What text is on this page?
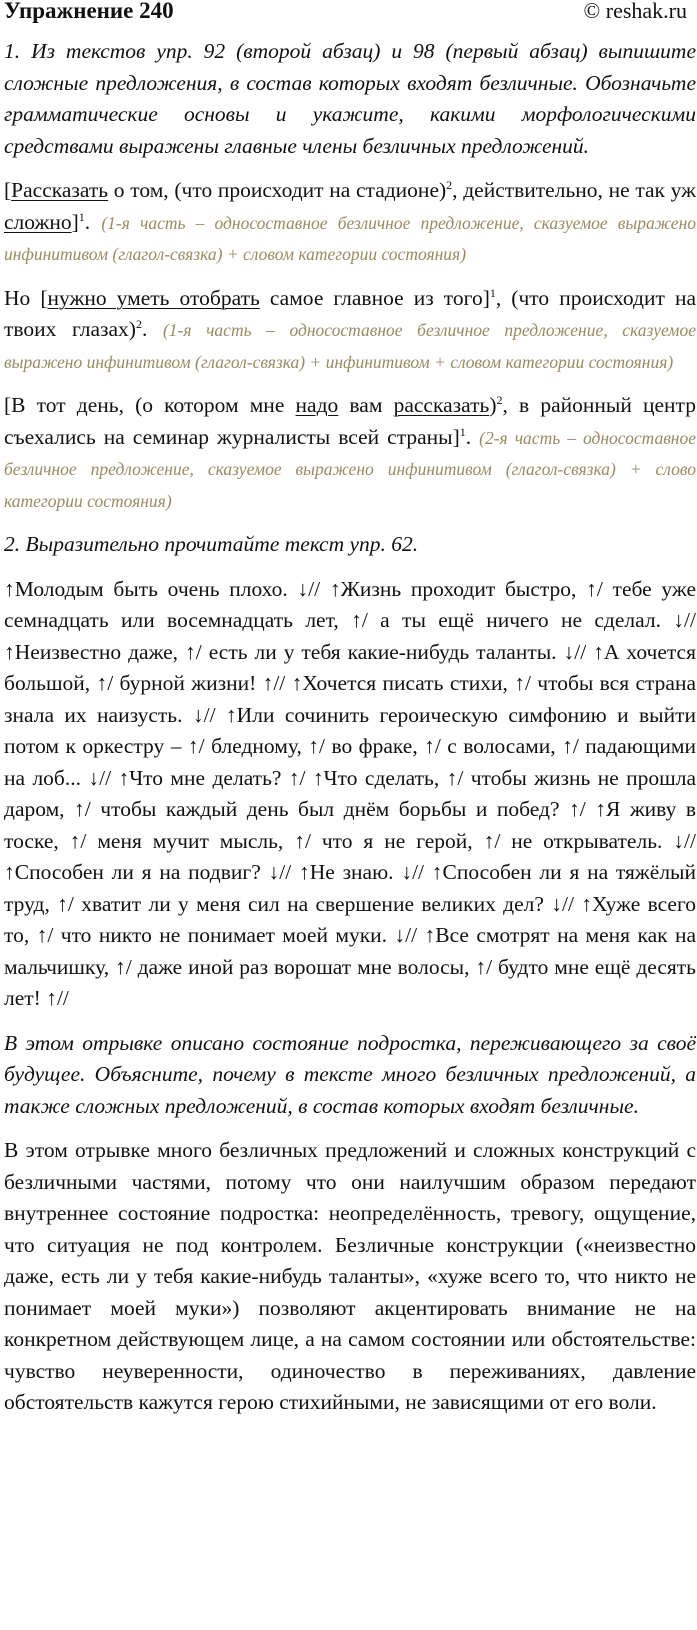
Упражнение 240	© reshak.ru

1. Из текстов упр. 92 (второй абзац) и 98 (первый абзац) выпишите сложные предложения, в состав которых входят безличные. Обозначьте грамматические основы и укажите, какими морфологическими средствами выражены главные члены безличных предложений.

[Рассказать о том, (что происходит на стадионе)$^2$, действительно, не так уж сложно]$^1$. (1-я часть – односоставное безличное предложение, сказуемое выражено инфинитивом (глагол-связка) + словом категории состояния)

Но [нужно уметь отобрать самое главное из того]$^1$, (что происходит на твоих глазах)$^2$. (1-я часть – односоставное безличное предложение, сказуемое выражено инфинитивом (глагол-связка) + инфинитивом + словом категории состояния)

[В тот день, (о котором мне надо вам рассказать)$^2$, в районный центр съехались на семинар журналисты всей страны]$^1$. (2-я часть – односоставное безличное предложение, сказуемое выражено инфинитивом (глагол-связка) + слово категории состояния)

2. Выразительно прочитайте текст упр. 62.

↑Молодым быть очень плохо. ↓// ↑Жизнь проходит быстро, ↑/ тебе уже семнадцать или восемнадцать лет, ↑/ а ты ещё ничего не сделал. ↓// ↑Неизвестно даже, ↑/ есть ли у тебя какие-нибудь таланты. ↓// ↑А хочется большой, ↑/ бурной жизни! ↑// ↑Хочется писать стихи, ↑/ чтобы вся страна знала их наизусть. ↓// ↑Или сочинить героическую симфонию и выйти потом к оркестру – ↑/ бледному, ↑/ во фраке, ↑/ с волосами, ↑/ падающими на лоб... ↓// ↑Что мне делать? ↑/ ↑Что сделать, ↑/ чтобы жизнь не прошла даром, ↑/ чтобы каждый день был днём борьбы и побед? ↑/ ↑Я живу в тоске, ↑/ меня мучит мысль, ↑/ что я не герой, ↑/ не открыватель. ↓// ↑Способен ли я на подвиг? ↓// ↑Не знаю. ↓// ↑Способен ли я на тяжёлый труд, ↑/ хватит ли у меня сил на свершение великих дел? ↓// ↑Хуже всего то, ↑/ что никто не понимает моей муки. ↓// ↑Все смотрят на меня как на мальчишку, ↑/ даже иной раз ворошат мне волосы, ↑/ будто мне ещё десять лет! ↑//

В этом отрывке описано состояние подростка, переживающего за своё будущее. Объясните, почему в тексте много безличных предложений, а также сложных предложений, в состав которых входят безличные.

В этом отрывке много безличных предложений и сложных конструкций с безличными частями, потому что они наилучшим образом передают внутреннее состояние подростка: неопределённость, тревогу, ощущение, что ситуация не под контролем. Безличные конструкции («неизвестно даже, есть ли у тебя какие-нибудь таланты», «хуже всего то, что никто не понимает моей муки») позволяют акцентировать внимание не на конкретном действующем лице, а на самом состоянии или обстоятельстве: чувство неуверенности, одиночество в переживаниях, давление обстоятельств кажутся герою стихийными, не зависящими от его воли.
